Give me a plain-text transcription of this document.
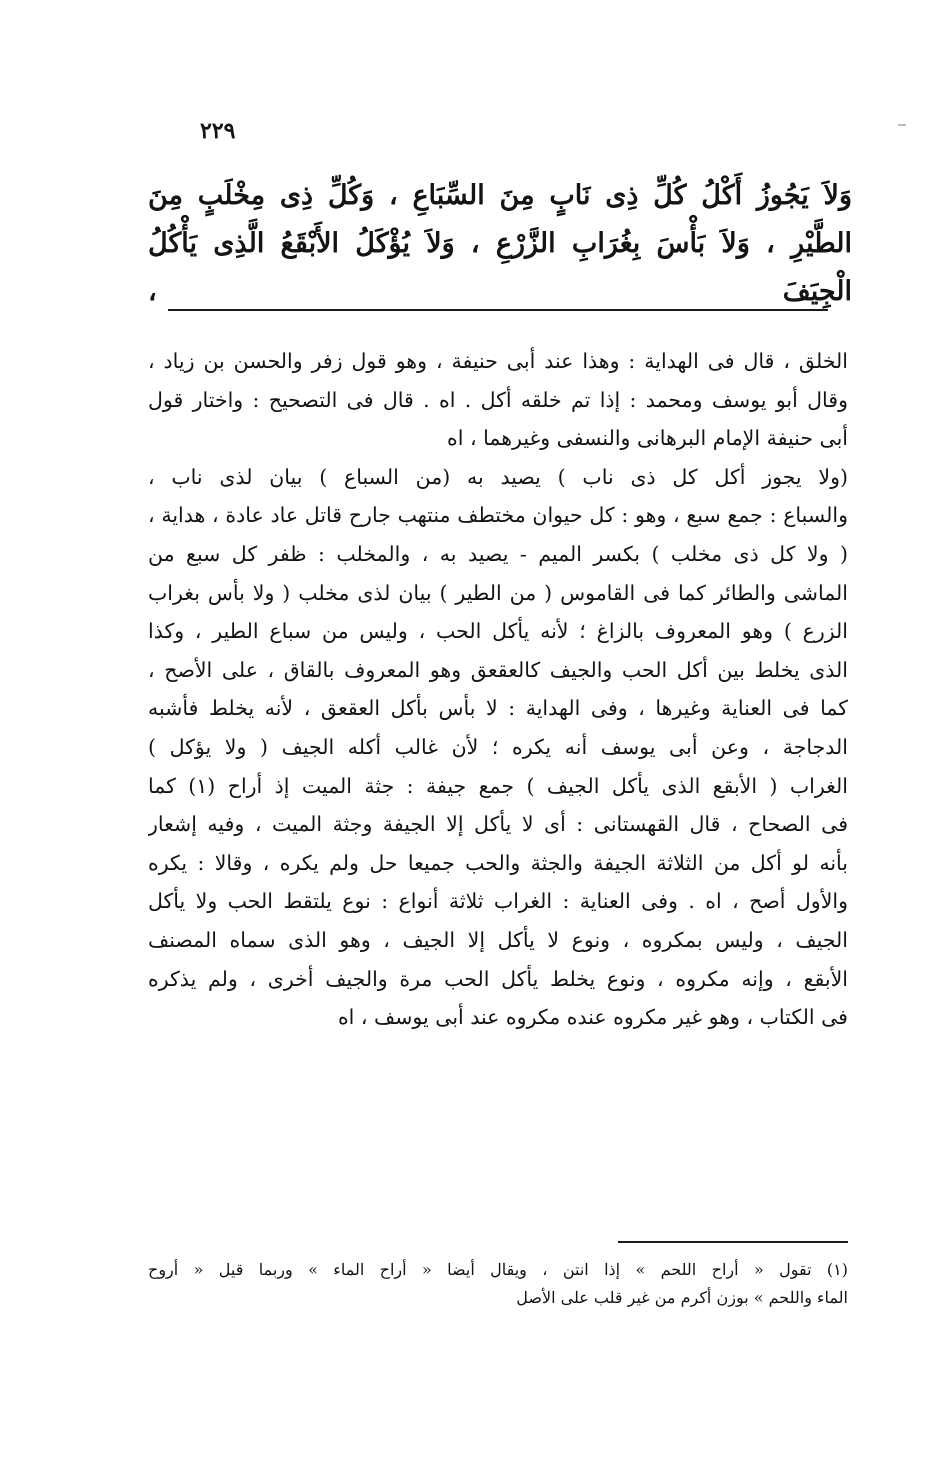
٢٢٩

وَلاَ يَجُوزُ أَكْلُ كُلِّ ذِى نَابٍ مِنَ السِّبَاعِ ، وَكُلِّ ذِى مِخْلَبٍ مِنَ

الطَّيْرِ ، وَلاَ بَأْسَ بِغُرَابِ الزَّرْعِ ، وَلاَ يُؤْكَلُ الأَبْقَعُ الَّذِى يَأْكُلُ الْجِيَفَ ،

الخلق ، قال فى الهداية : وهذا عند أبى حنيفة ، وهو قول زفر والحسن بن زياد ،

وقال أبو يوسف ومحمد : إذا تم خلقه أكل . اه . قال فى التصحيح : واختار قول

أبى حنيفة الإمام البرهانى والنسفى وغيرهما ، اه

(ولا يجوز أكل كل ذى ناب ) يصيد به (من السباع ) بيان لذى ناب ،

والسباع : جمع سبع ، وهو : كل حيوان مختطف منتهب جارح قاتل عاد عادة ، هداية ،

( ولا كل ذى مخلب ) بكسر الميم - يصيد به ، والمخلب : ظفر كل سبع من

الماشى والطائر كما فى القاموس ( من الطير ) بيان لذى مخلب ( ولا بأس بغراب

الزرع ) وهو المعروف بالزاغ ؛ لأنه يأكل الحب ، وليس من سباع الطير ، وكذا

الذى يخلط بين أكل الحب والجيف كالعقعق وهو المعروف بالقاق ، على الأصح ،

كما فى العناية وغيرها ، وفى الهداية : لا بأس بأكل العقعق ، لأنه يخلط فأشبه

الدجاجة ، وعن أبى يوسف أنه يكره ؛ لأن غالب أكله الجيف ( ولا يؤكل )

الغراب ( الأبقع الذى يأكل الجيف ) جمع جيفة : جثة الميت إذ أراح (١) كما

فى الصحاح ، قال القهستانى : أى لا يأكل إلا الجيفة وجثة الميت ، وفيه إشعار

بأنه لو أكل من الثلاثة الجيفة والجثة والحب جميعا حل ولم يكره ، وقالا : يكره

والأول أصح ، اه . وفى العناية : الغراب ثلاثة أنواع : نوع يلتقط الحب ولا يأكل

الجيف ، وليس بمكروه ، ونوع لا يأكل إلا الجيف ، وهو الذى سماه المصنف

الأبقع ، وإنه مكروه ، ونوع يخلط يأكل الحب مرة والجيف أخرى ، ولم يذكره

فى الكتاب ، وهو غير مكروه عنده مكروه عند أبى يوسف ، اه

(١) تقول « أراح اللحم » إذا انتن ، ويقال أيضا « أراح الماء » وربما قيل « أروح

الماء واللحم » بوزن أكرم من غير قلب على الأصل
